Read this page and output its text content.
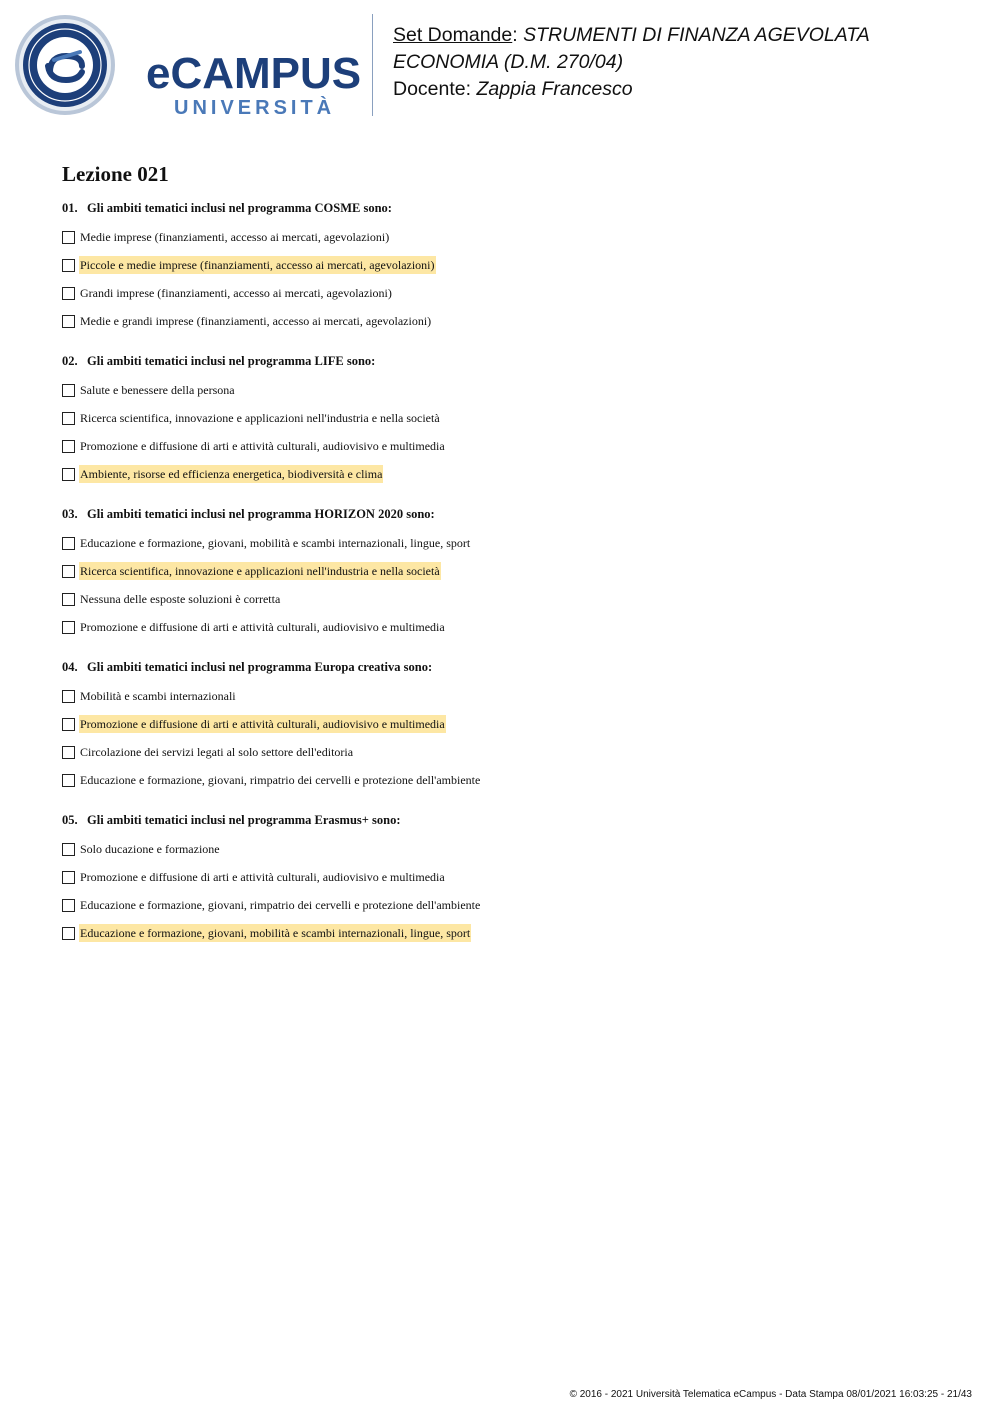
eCAMPUS
UNIVERSITÀ
Set Domande: STRUMENTI DI FINANZA AGEVOLATA
ECONOMIA (D.M. 270/04)
Docente: Zappia Francesco
Lezione 021
01. Gli ambiti tematici inclusi nel programma COSME sono:
Medie imprese (finanziamenti, accesso ai mercati, agevolazioni)
Piccole e medie imprese (finanziamenti, accesso ai mercati, agevolazioni)
Grandi imprese (finanziamenti, accesso ai mercati, agevolazioni)
Medie e grandi imprese (finanziamenti, accesso ai mercati, agevolazioni)
02. Gli ambiti tematici inclusi nel programma LIFE sono:
Salute e benessere della persona
Ricerca scientifica, innovazione e applicazioni nell'industria e nella società
Promozione e diffusione di arti e attività culturali, audiovisivo e multimedia
Ambiente, risorse ed efficienza energetica, biodiversità e clima
03. Gli ambiti tematici inclusi nel programma HORIZON 2020 sono:
Educazione e formazione, giovani, mobilità e scambi internazionali, lingue, sport
Ricerca scientifica, innovazione e applicazioni nell'industria e nella società
Nessuna delle esposte soluzioni è corretta
Promozione e diffusione di arti e attività culturali, audiovisivo e multimedia
04. Gli ambiti tematici inclusi nel programma Europa creativa sono:
Mobilità e scambi internazionali
Promozione e diffusione di arti e attività culturali, audiovisivo e multimedia
Circolazione dei servizi legati al solo settore dell'editoria
Educazione e formazione, giovani, rimpatrio dei cervelli e protezione dell'ambiente
05. Gli ambiti tematici inclusi nel programma Erasmus+ sono:
Solo ducazione e formazione
Promozione e diffusione di arti e attività culturali, audiovisivo e multimedia
Educazione e formazione, giovani, rimpatrio dei cervelli e protezione dell'ambiente
Educazione e formazione, giovani, mobilità e scambi internazionali, lingue, sport
© 2016 - 2021 Università Telematica eCampus - Data Stampa 08/01/2021 16:03:25 - 21/43
